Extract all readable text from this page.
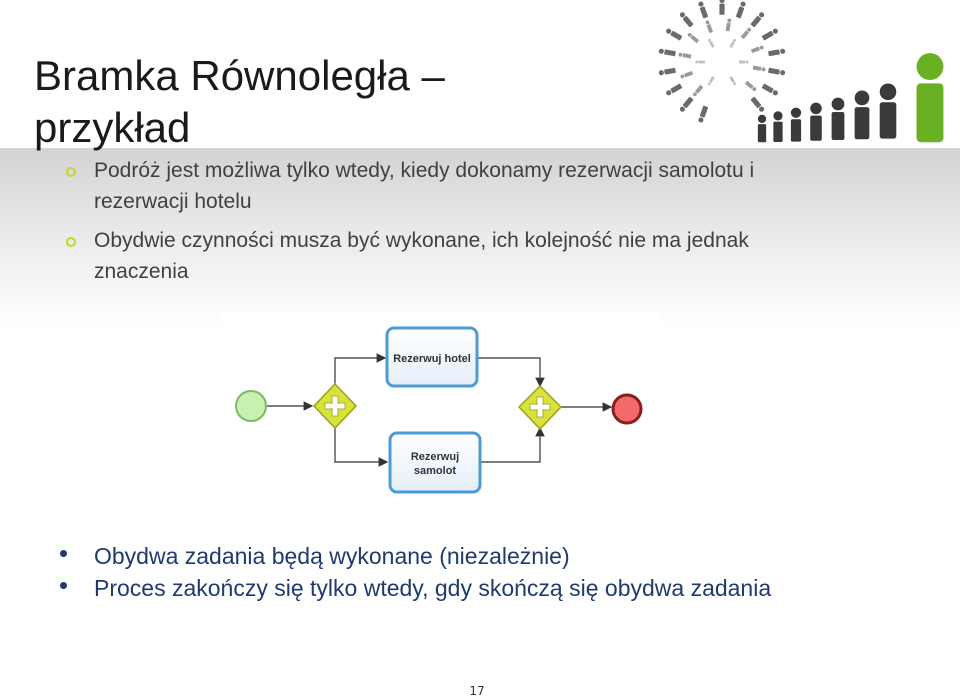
Bramka Równoległa –
przykład
Podróż jest możliwa tylko wtedy, kiedy dokonamy rezerwacji samolotu i rezerwacji hotelu
Obydwie czynności musza być wykonane, ich kolejność nie ma jednak znaczenia
Rezerwuj hotel
Rezerwuj
samolot
Obydwa zadania będą wykonane (niezależnie)
Proces zakończy się tylko wtedy, gdy skończą się obydwa zadania
17
